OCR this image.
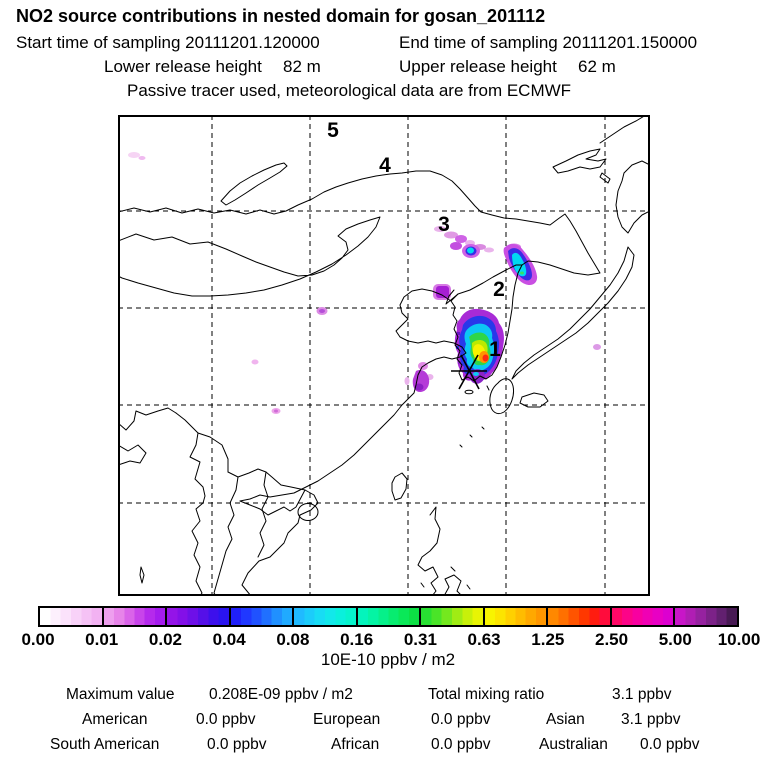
NO2 source contributions in nested domain for gosan_201112
Start time of sampling 20111201.120000	End time of sampling 20111201.150000
Lower release height 82 m	Upper release height 62 m
Passive tracer used, meteorological data are from ECMWF
5
4
3
2
1
0.00 0.01 0.02 0.04 0.08 0.16 0.31 0.63 1.25 2.50 5.00 10.00
10E-10 ppbv / m2
Maximum value 0.208E-09 ppbv / m2	Total mixing ratio	3.1 ppbv
American	0.0 ppbv	European	0.0 ppbv	Asian 3.1 ppbv
South American	0.0 ppbv	African	0.0 ppbv	Australian 0.0 ppbv
